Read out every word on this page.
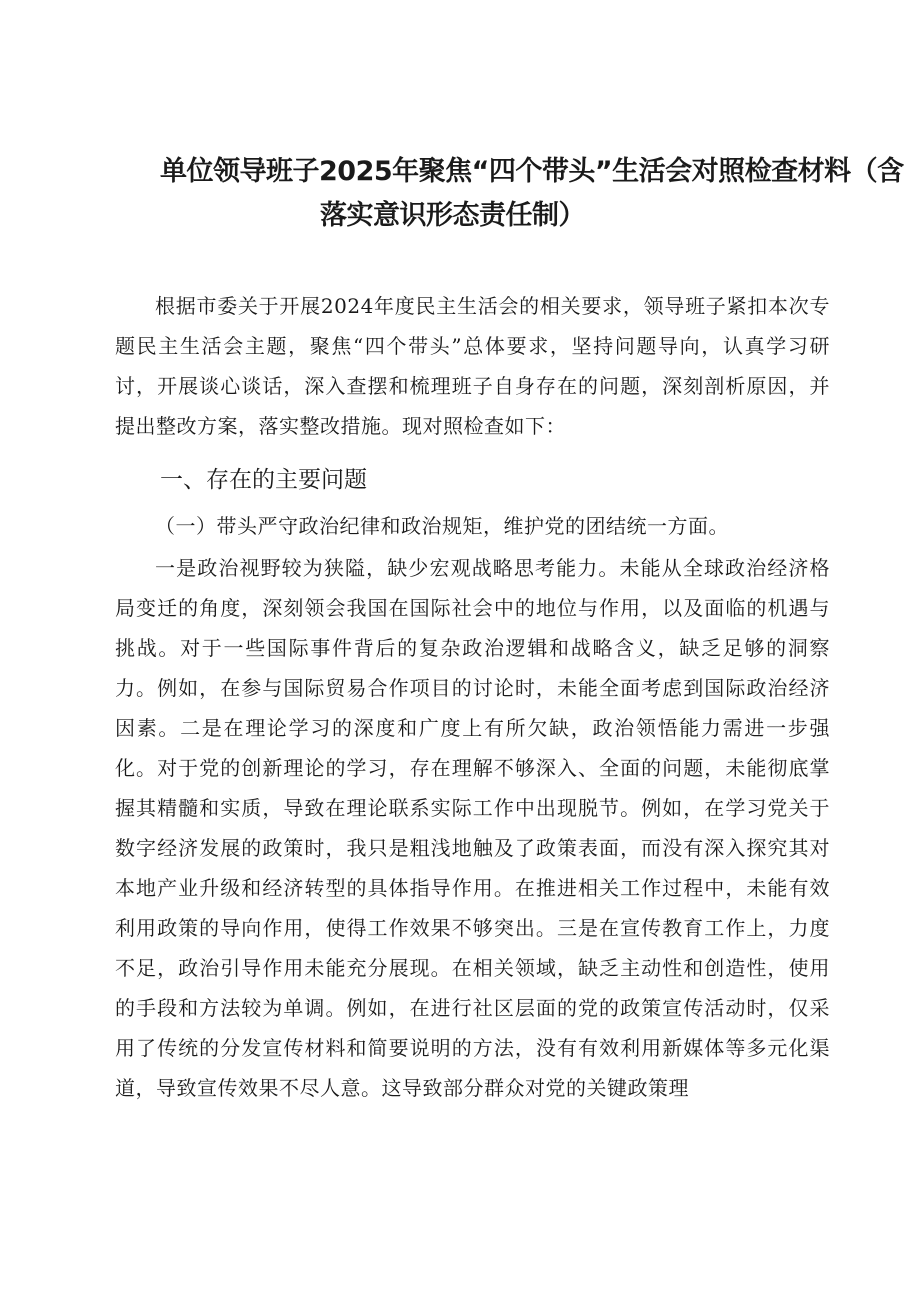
单位领导班子2025年聚焦“四个带头”生活会对照检查材料（含
落实意识形态责任制）

根据市委关于开展2024年度民主生活会的相关要求，领导班子紧扣本次专题民主生活会主题，聚焦“四个带头”总体要求，坚持问题导向，认真学习研讨，开展谈心谈话，深入查摆和梳理班子自身存在的问题，深刻剖析原因，并提出整改方案，落实整改措施。现对照检查如下：

一、存在的主要问题

（一）带头严守政治纪律和政治规矩，维护党的团结统一方面。

一是政治视野较为狭隘，缺少宏观战略思考能力。未能从全球政治经济格局变迁的角度，深刻领会我国在国际社会中的地位与作用，以及面临的机遇与挑战。对于一些国际事件背后的复杂政治逻辑和战略含义，缺乏足够的洞察力。例如，在参与国际贸易合作项目的讨论时，未能全面考虑到国际政治经济因素。二是在理论学习的深度和广度上有所欠缺，政治领悟能力需进一步强化。对于党的创新理论的学习，存在理解不够深入、全面的问题，未能彻底掌握其精髓和实质，导致在理论联系实际工作中出现脱节。例如，在学习党关于数字经济发展的政策时，我只是粗浅地触及了政策表面，而没有深入探究其对本地产业升级和经济转型的具体指导作用。在推进相关工作过程中，未能有效利用政策的导向作用，使得工作效果不够突出。三是在宣传教育工作上，力度不足，政治引导作用未能充分展现。在相关领域，缺乏主动性和创造性，使用的手段和方法较为单调。例如，在进行社区层面的党的政策宣传活动时，仅采用了传统的分发宣传材料和简要说明的方法，没有有效利用新媒体等多元化渠道，导致宣传效果不尽人意。这导致部分群众对党的关键政策理
